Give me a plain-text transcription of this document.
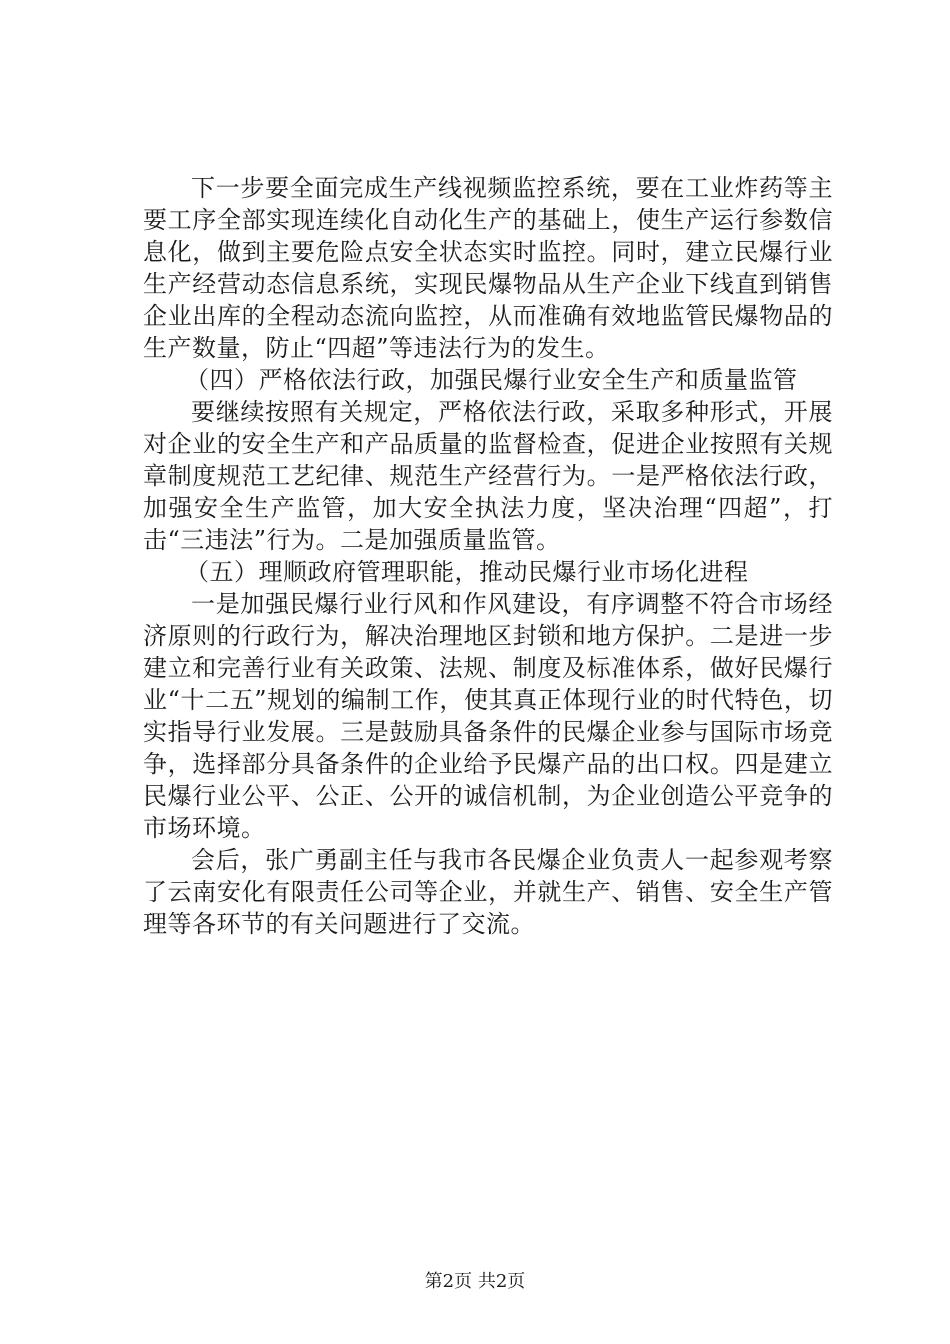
下一步要全面完成生产线视频监控系统，要在工业炸药等主要工序全部实现连续化自动化生产的基础上，使生产运行参数信息化，做到主要危险点安全状态实时监控。同时，建立民爆行业生产经营动态信息系统，实现民爆物品从生产企业下线直到销售企业出库的全程动态流向监控，从而准确有效地监管民爆物品的生产数量，防止“四超”等违法行为的发生。

（四）严格依法行政，加强民爆行业安全生产和质量监管

要继续按照有关规定，严格依法行政，采取多种形式，开展对企业的安全生产和产品质量的监督检查，促进企业按照有关规章制度规范工艺纪律、规范生产经营行为。一是严格依法行政，加强安全生产监管，加大安全执法力度，坚决治理“四超”，打击“三违法”行为。二是加强质量监管。

（五）理顺政府管理职能，推动民爆行业市场化进程

一是加强民爆行业行风和作风建设，有序调整不符合市场经济原则的行政行为，解决治理地区封锁和地方保护。二是进一步建立和完善行业有关政策、法规、制度及标准体系，做好民爆行业“十二五”规划的编制工作，使其真正体现行业的时代特色，切实指导行业发展。三是鼓励具备条件的民爆企业参与国际市场竞争，选择部分具备条件的企业给予民爆产品的出口权。四是建立民爆行业公平、公正、公开的诚信机制，为企业创造公平竞争的市场环境。

会后，张广勇副主任与我市各民爆企业负责人一起参观考察了云南安化有限责任公司等企业，并就生产、销售、安全生产管理等各环节的有关问题进行了交流。

第2页 共2页
